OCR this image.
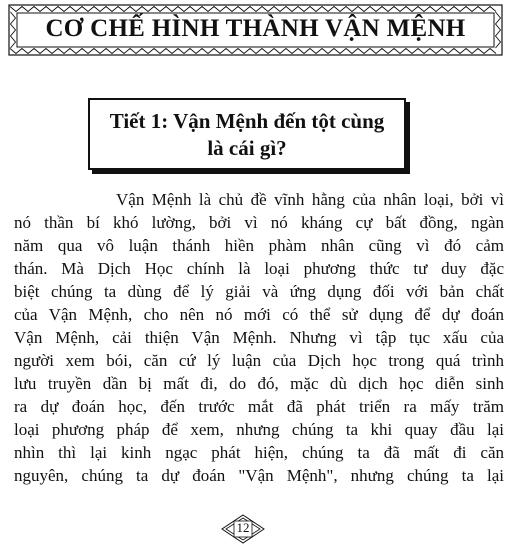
CƠ CHẾ HÌNH THÀNH VẬN MỆNH
Tiết 1: Vận Mệnh đến tột cùng
là cái gì?
Vận Mệnh là chủ đề vĩnh hằng của nhân loại, bởi vì
nó thần bí khó lường, bởi vì nó kháng cự bất đồng, ngàn
năm qua vô luận thánh hiền phàm nhân cũng vì đó cảm
thán. Mà Dịch Học chính là loại phương thức tư duy đặc
biệt chúng ta dùng để lý giải và ứng dụng đối với bản chất
của Vận Mệnh, cho nên nó mới có thể sử dụng để dự đoán
Vận Mệnh, cải thiện Vận Mệnh. Nhưng vì tập tục xấu của
người xem bói, căn cứ lý luận của Dịch học trong quá trình
lưu truyền dần bị mất đi, do đó, mặc dù dịch học diễn sinh
ra dự đoán học, đến trước mắt đã phát triển ra mấy trăm
loại phương pháp để xem, nhưng chúng ta khi quay đầu lại
nhìn thì lại kinh ngạc phát hiện, chúng ta đã mất đi căn
nguyên, chúng ta dự đoán "Vận Mệnh", nhưng chúng ta lại
12
